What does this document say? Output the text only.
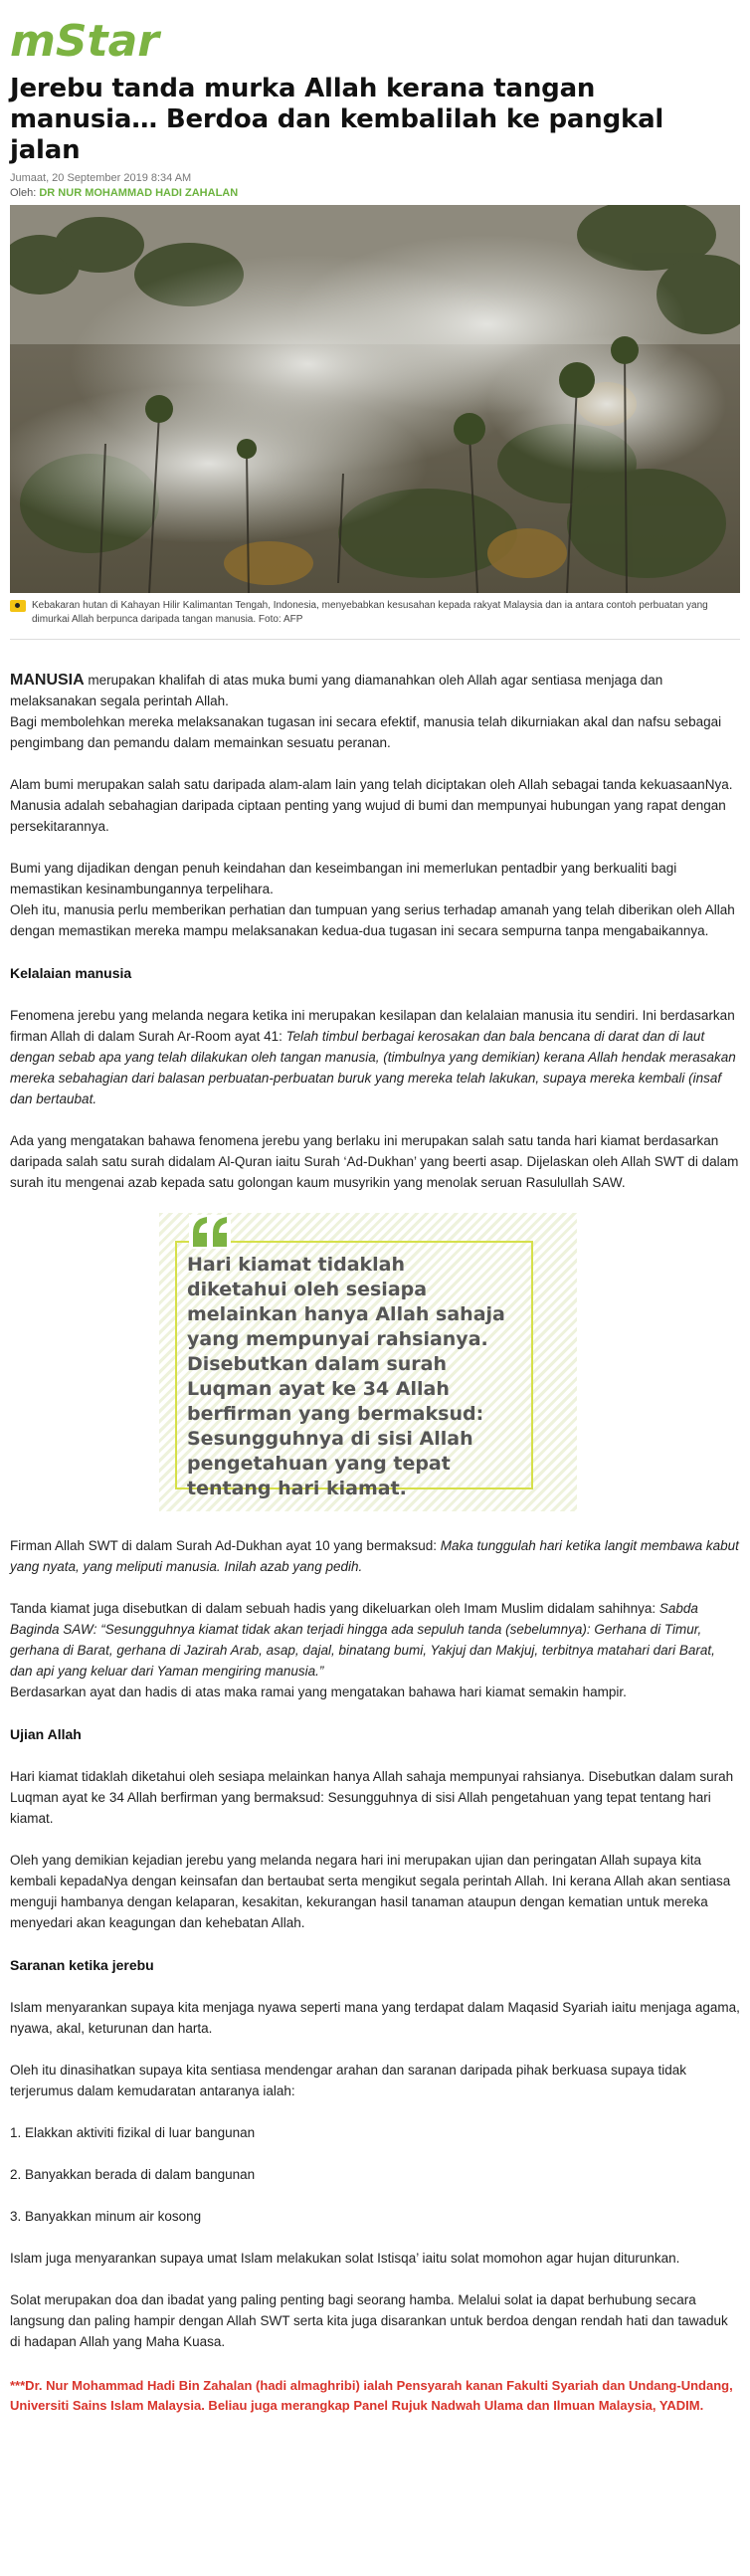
mStar
Jerebu tanda murka Allah kerana tangan manusia… Berdoa dan kembalilah ke pangkal jalan
Jumaat, 20 September 2019 8:34 AM
Oleh: DR NUR MOHAMMAD HADI ZAHALAN
Kebakaran hutan di Kahayan Hilir Kalimantan Tengah, Indonesia, menyebabkan kesusahan kepada rakyat Malaysia dan ia antara contoh perbuatan yang dimurkai Allah berpunca daripada tangan manusia. Foto: AFP

MANUSIA merupakan khalifah di atas muka bumi yang diamanahkan oleh Allah agar sentiasa menjaga dan melaksanakan segala perintah Allah.

Bagi membolehkan mereka melaksanakan tugasan ini secara efektif, manusia telah dikurniakan akal dan nafsu sebagai pengimbang dan pemandu dalam memainkan sesuatu peranan.

Alam bumi merupakan salah satu daripada alam-alam lain yang telah diciptakan oleh Allah sebagai tanda kekuasaanNya.

Manusia adalah sebahagian daripada ciptaan penting yang wujud di bumi dan mempunyai hubungan yang rapat dengan persekitarannya.

Bumi yang dijadikan dengan penuh keindahan dan keseimbangan ini memerlukan pentadbir yang berkualiti bagi memastikan kesinambungannya terpelihara.

Oleh itu, manusia perlu memberikan perhatian dan tumpuan yang serius terhadap amanah yang telah diberikan oleh Allah dengan memastikan mereka mampu melaksanakan kedua-dua tugasan ini secara sempurna tanpa mengabaikannya.

Kelalaian manusia

Fenomena jerebu yang melanda negara ketika ini merupakan kesilapan dan kelalaian manusia itu sendiri. Ini berdasarkan firman Allah di dalam Surah Ar-Room ayat 41: Telah timbul berbagai kerosakan dan bala bencana di darat dan di laut dengan sebab apa yang telah dilakukan oleh tangan manusia, (timbulnya yang demikian) kerana Allah hendak merasakan mereka sebahagian dari balasan perbuatan-perbuatan buruk yang mereka telah lakukan, supaya mereka kembali (insaf dan bertaubat.

Ada yang mengatakan bahawa fenomena jerebu yang berlaku ini merupakan salah satu tanda hari kiamat berdasarkan daripada salah satu surah didalam Al-Quran iaitu Surah ‘Ad-Dukhan’ yang beerti asap. Dijelaskan oleh Allah SWT di dalam surah itu mengenai azab kepada satu golongan kaum musyrikin yang menolak seruan Rasulullah SAW.

Hari kiamat tidaklah diketahui oleh sesiapa melainkan hanya Allah sahaja yang mempunyai rahsianya. Disebutkan dalam surah Luqman ayat ke 34 Allah berfirman yang bermaksud: Sesungguhnya di sisi Allah pengetahuan yang tepat tentang hari kiamat.

Firman Allah SWT di dalam Surah Ad-Dukhan ayat 10 yang bermaksud: Maka tunggulah hari ketika langit membawa kabut yang nyata, yang meliputi manusia. Inilah azab yang pedih.

Tanda kiamat juga disebutkan di dalam sebuah hadis yang dikeluarkan oleh Imam Muslim didalam sahihnya: Sabda Baginda SAW: “Sesungguhnya kiamat tidak akan terjadi hingga ada sepuluh tanda (sebelumnya): Gerhana di Timur, gerhana di Barat, gerhana di Jazirah Arab, asap, dajal, binatang bumi, Yakjuj dan Makjuj, terbitnya matahari dari Barat, dan api yang keluar dari Yaman mengiring manusia.”

Berdasarkan ayat dan hadis di atas maka ramai yang mengatakan bahawa hari kiamat semakin hampir.

Ujian Allah

Hari kiamat tidaklah diketahui oleh sesiapa melainkan hanya Allah sahaja mempunyai rahsianya. Disebutkan dalam surah Luqman ayat ke 34 Allah berfirman yang bermaksud: Sesungguhnya di sisi Allah pengetahuan yang tepat tentang hari kiamat.

Oleh yang demikian kejadian jerebu yang melanda negara hari ini merupakan ujian dan peringatan Allah supaya kita kembali kepadaNya dengan keinsafan dan bertaubat serta mengikut segala perintah Allah. Ini kerana Allah akan sentiasa menguji hambanya dengan kelaparan, kesakitan, kekurangan hasil tanaman ataupun dengan kematian untuk mereka menyedari akan keagungan dan kehebatan Allah.

Saranan ketika jerebu

Islam menyarankan supaya kita menjaga nyawa seperti mana yang terdapat dalam Maqasid Syariah iaitu menjaga agama, nyawa, akal, keturunan dan harta.

Oleh itu dinasihatkan supaya kita sentiasa mendengar arahan dan saranan daripada pihak berkuasa supaya tidak terjerumus dalam kemudaratan antaranya ialah:

1. Elakkan aktiviti fizikal di luar bangunan

2. Banyakkan berada di dalam bangunan

3. Banyakkan minum air kosong

Islam juga menyarankan supaya umat Islam melakukan solat Istisqa’ iaitu solat momohon agar hujan diturunkan.

Solat merupakan doa dan ibadat yang paling penting bagi seorang hamba. Melalui solat ia dapat berhubung secara langsung dan paling hampir dengan Allah SWT serta kita juga disarankan untuk berdoa dengan rendah hati dan tawaduk di hadapan Allah yang Maha Kuasa.

***Dr. Nur Mohammad Hadi Bin Zahalan (hadi almaghribi) ialah Pensyarah kanan Fakulti Syariah dan Undang-Undang, Universiti Sains Islam Malaysia. Beliau juga merangkap Panel Rujuk Nadwah Ulama dan Ilmuan Malaysia, YADIM.
